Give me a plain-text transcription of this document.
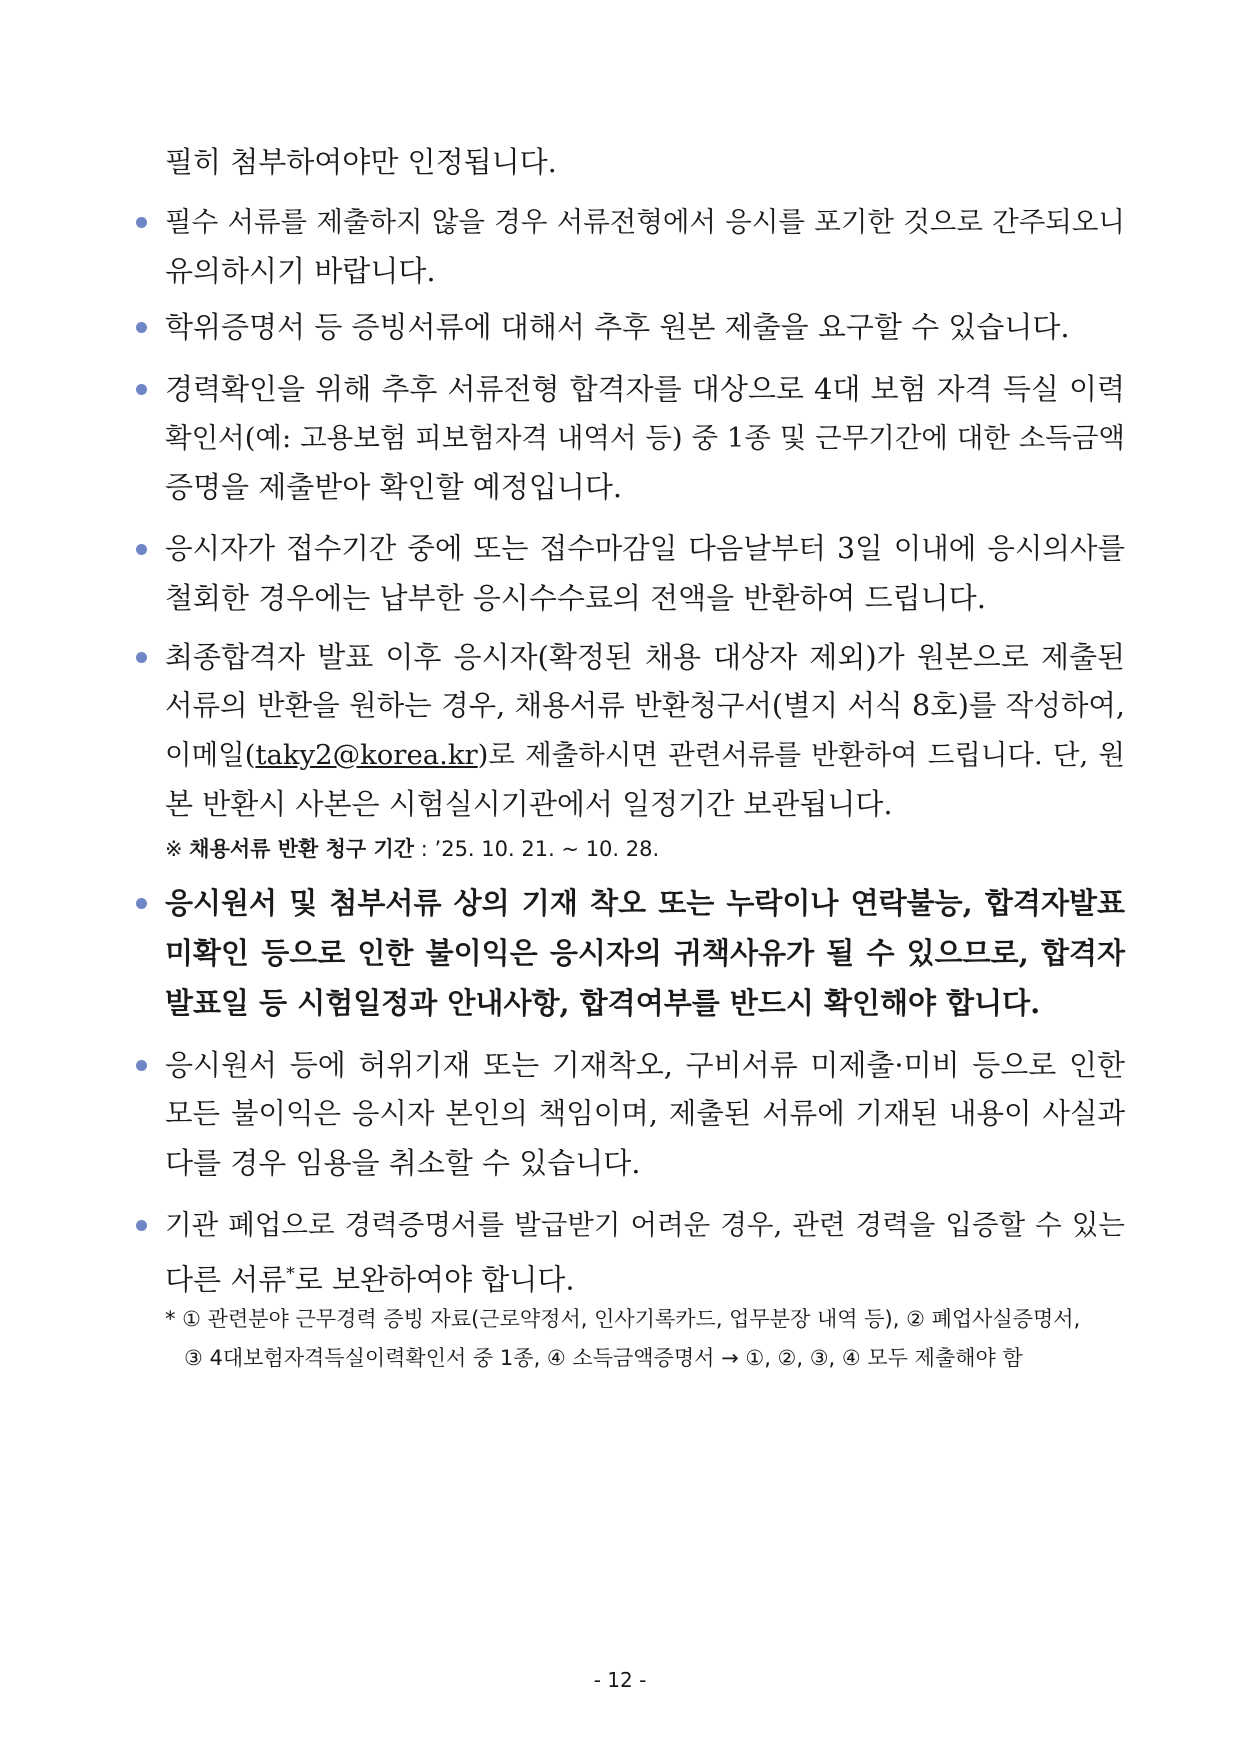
필히 첨부하여야만 인정됩니다.
필수 서류를 제출하지 않을 경우 서류전형에서 응시를 포기한 것으로 간주되오니
유의하시기 바랍니다.
학위증명서 등 증빙서류에 대해서 추후 원본 제출을 요구할 수 있습니다.
경력확인을 위해 추후 서류전형 합격자를 대상으로 4대 보험 자격 득실 이력
확인서(예: 고용보험 피보험자격 내역서 등) 중 1종 및 근무기간에 대한 소득금액
증명을 제출받아 확인할 예정입니다.
응시자가 접수기간 중에 또는 접수마감일 다음날부터 3일 이내에 응시의사를
철회한 경우에는 납부한 응시수수료의 전액을 반환하여 드립니다.
최종합격자 발표 이후 응시자(확정된 채용 대상자 제외)가 원본으로 제출된
서류의 반환을 원하는 경우, 채용서류 반환청구서(별지 서식 8호)를 작성하여,
이메일(taky2@korea.kr)로 제출하시면 관련서류를 반환하여 드립니다. 단, 원
본 반환시 사본은 시험실시기관에서 일정기간 보관됩니다.
※ 채용서류 반환 청구 기간 : ’25. 10. 21. ~ 10. 28.
응시원서 및 첨부서류 상의 기재 착오 또는 누락이나 연락불능, 합격자발표
미확인 등으로 인한 불이익은 응시자의 귀책사유가 될 수 있으므로, 합격자
발표일 등 시험일정과 안내사항, 합격여부를 반드시 확인해야 합니다.
응시원서 등에 허위기재 또는 기재착오, 구비서류 미제출·미비 등으로 인한
모든 불이익은 응시자 본인의 책임이며, 제출된 서류에 기재된 내용이 사실과
다를 경우 임용을 취소할 수 있습니다.
기관 폐업으로 경력증명서를 발급받기 어려운 경우, 관련 경력을 입증할 수 있는
다른 서류*로 보완하여야 합니다.
* ① 관련분야 근무경력 증빙 자료(근로약정서, 인사기록카드, 업무분장 내역 등), ② 폐업사실증명서,
③ 4대보험자격득실이력확인서 중 1종, ④ 소득금액증명서 → ①, ②, ③, ④ 모두 제출해야 함
- 12 -
